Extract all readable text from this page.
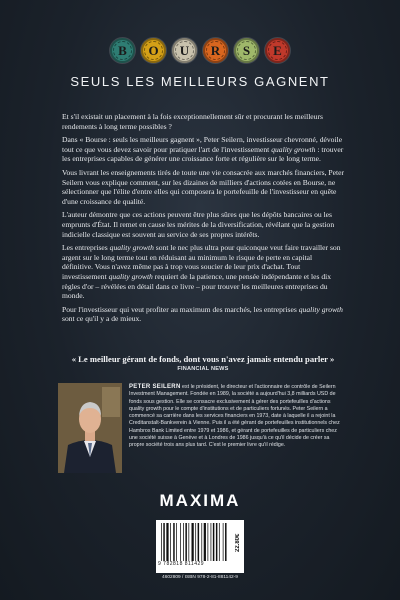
B O U R S E
SEULS LES MEILLEURS GAGNENT

Et s'il existait un placement à la fois exceptionnellement sûr et procurant les meilleurs rendements à long terme possibles ?

Dans « Bourse : seuls les meilleurs gagnent », Peter Seilern, investisseur chevronné, dévoile tout ce que vous devez savoir pour pratiquer l'art de l'investissement quality growth : trouver les entreprises capables de générer une croissance forte et régulière sur le long terme.

Vous livrant les enseignements tirés de toute une vie consacrée aux marchés financiers, Peter Seilern vous explique comment, sur les dizaines de milliers d'actions cotées en Bourse, ne sélectionner que l'élite d'entre elles qui composera le portefeuille de l'investisseur en quête d'une croissance de qualité.

L'auteur démontre que ces actions peuvent être plus sûres que les dépôts bancaires ou les emprunts d'État. Il remet en cause les mérites de la diversification, révélant que la gestion indicielle classique est souvent au service de ses propres intérêts.

Les entreprises quality growth sont le nec plus ultra pour quiconque veut faire travailler son argent sur le long terme tout en réduisant au minimum le risque de perte en capital définitive. Vous n'avez même pas à trop vous soucier de leur prix d'achat. Tout investissement quality growth requiert de la patience, une pensée indépendante et les dix règles d'or – révélées en détail dans ce livre – pour trouver les meilleures entreprises du monde.

Pour l'investisseur qui veut profiter au maximum des marchés, les entreprises quality growth sont ce qu'il y a de mieux.

« Le meilleur gérant de fonds, dont vous n'avez jamais entendu parler »
FINANCIAL NEWS
PETER SEILERN est le président, le directeur et l'actionnaire de contrôle de Seilern Investment Management. Fondée en 1989, la société a aujourd'hui 3,8 milliards USD de fonds sous gestion. Elle se consacre exclusivement à gérer des portefeuilles d'actions quality growth pour le compte d'institutions et de particuliers fortunés. Peter Seilern a commencé sa carrière dans les services financiers en 1973, date à laquelle il a rejoint la Creditanstalt-Bankverein à Vienne. Puis il a été gérant de portefeuilles institutionnels chez Hambros Bank Limited entre 1979 et 1986, et gérant de portefeuilles de particuliers chez une société suisse à Genève et à Londres de 1986 jusqu'à ce qu'il décide de créer sa propre société trois ans plus tard. C'est le premier livre qu'il rédige.
MAXIMA
9 782818 811429
22.80€
4602809 / ISBN 978-2-81-881142-9
